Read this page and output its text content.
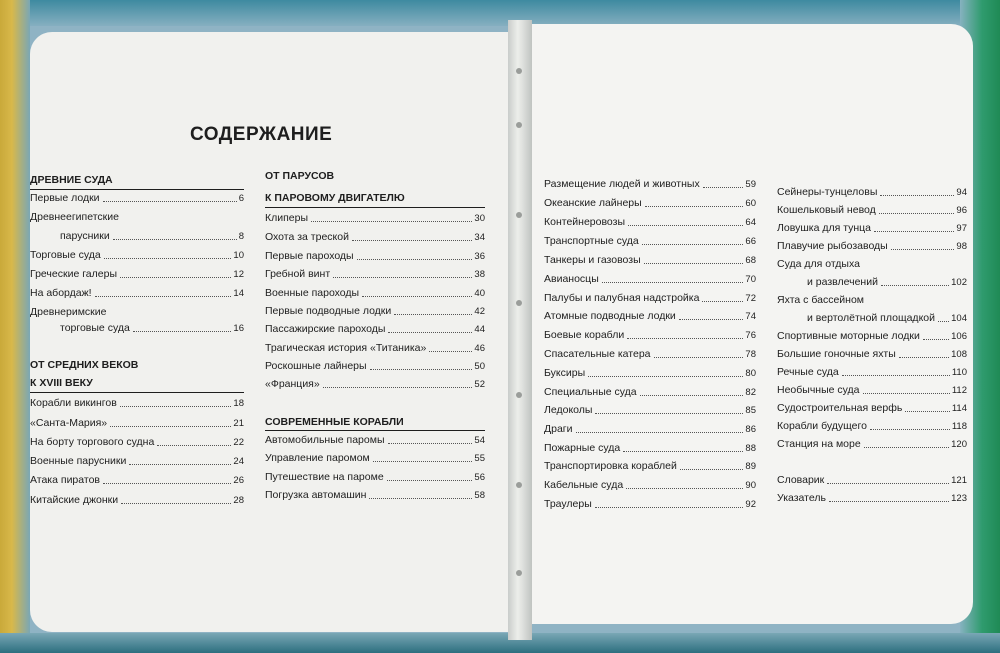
СОДЕРЖАНИЕ
ДРЕВНИЕ СУДА
Первые лодки	6
Древнеегипетские
парусники	8
Торговые суда	10
Греческие галеры	12
На абордаж!	14
Древнеримские
торговые суда	16
ОТ СРЕДНИХ ВЕКОВ
К XVIII ВЕКУ
Корабли викингов	18
«Санта-Мария»	21
На борту торгового судна	22
Военные парусники	24
Атака пиратов	26
Китайские джонки	28
ОТ ПАРУСОВ
К ПАРОВОМУ ДВИГАТЕЛЮ
Клиперы	30
Охота за треской	34
Первые пароходы	36
Гребной винт	38
Военные пароходы	40
Первые подводные лодки	42
Пассажирские пароходы	44
Трагическая история «Титаника»	46
Роскошные лайнеры	50
«Франция»	52
СОВРЕМЕННЫЕ КОРАБЛИ
Автомобильные паромы	54
Управление паромом	55
Путешествие на пароме	56
Погрузка автомашин	58
Размещение людей и животных	59
Океанские лайнеры	60
Контейнеровозы	64
Транспортные суда	66
Танкеры и газовозы	68
Авианосцы	70
Палубы и палубная надстройка	72
Атомные подводные лодки	74
Боевые корабли	76
Спасательные катера	78
Буксиры	80
Специальные суда	82
Ледоколы	85
Драги	86
Пожарные суда	88
Транспортировка кораблей	89
Кабельные суда	90
Траулеры	92
Сейнеры-тунцеловы	94
Кошельковый невод	96
Ловушка для тунца	97
Плавучие рыбозаводы	98
Суда для отдыха
и развлечений	102
Яхта с бассейном
и вертолётной площадкой 104
Спортивные моторные лодки	106
Большие гоночные яхты	108
Речные суда	110
Необычные суда	112
Судостроительная верфь	114
Корабли будущего	118
Станция на море	120
Словарик	121
Указатель	123
